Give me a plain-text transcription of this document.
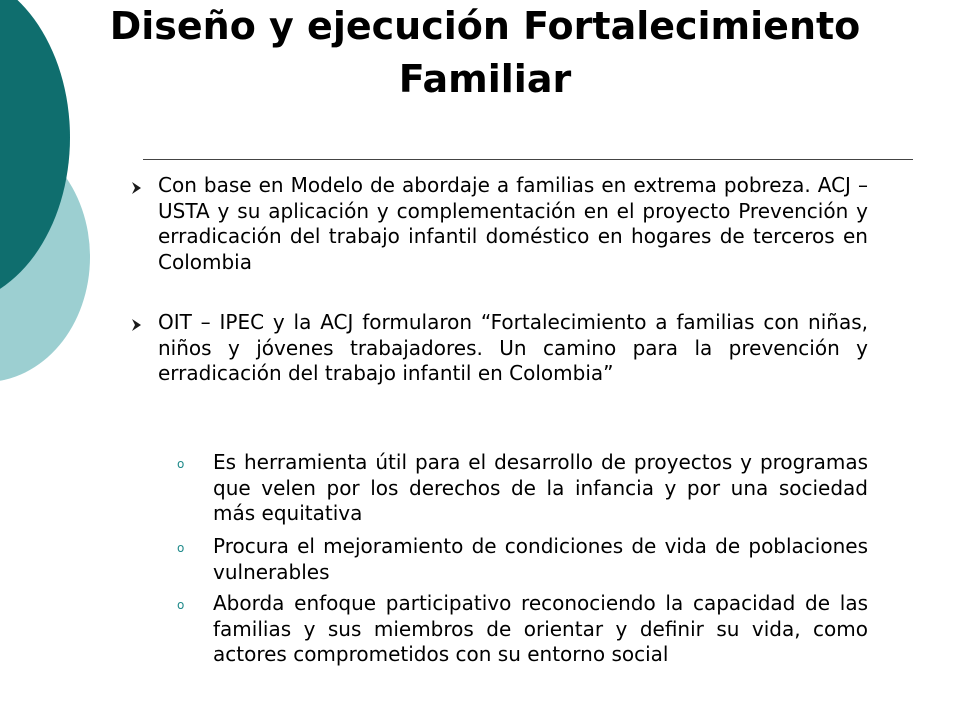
Diseño y ejecución Fortalecimiento Familiar
Con base en Modelo de abordaje a familias en extrema pobreza. ACJ – USTA y su aplicación y complementación en el proyecto Prevención y erradicación del trabajo infantil doméstico en hogares de terceros en Colombia
OIT – IPEC y la ACJ formularon “Fortalecimiento a familias con niñas, niños y jóvenes trabajadores. Un camino para la prevención y erradicación del trabajo infantil en Colombia”
o Es herramienta útil para el desarrollo de proyectos y programas que velen por los derechos de la infancia y por una sociedad más equitativa
o Procura el mejoramiento de condiciones de vida de poblaciones vulnerables
o Aborda enfoque participativo reconociendo la capacidad de las familias y sus miembros de orientar y definir su vida, como actores comprometidos con su entorno social
